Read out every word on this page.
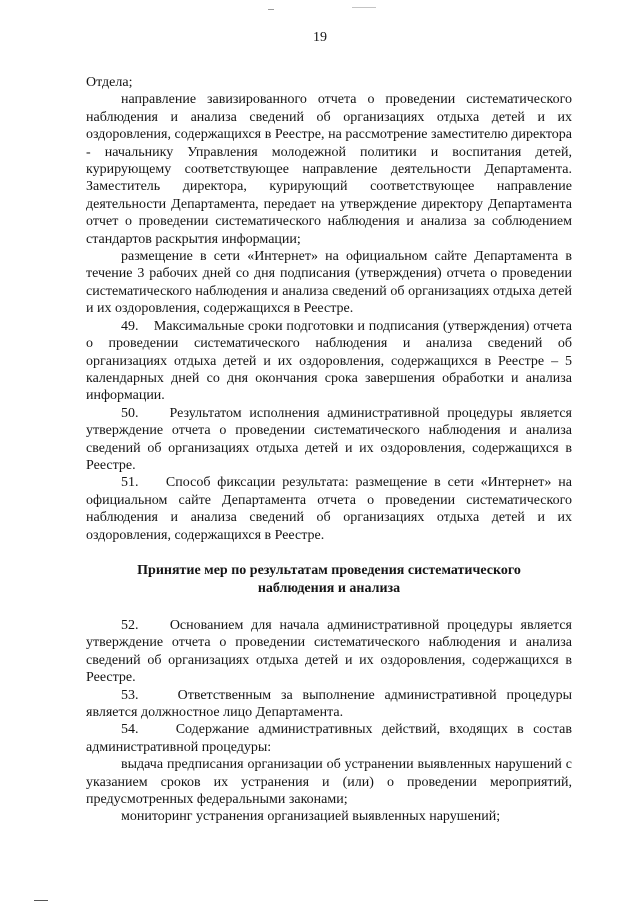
19

Отдела;

направление завизированного отчета о проведении систематического наблюдения и анализа сведений об организациях отдыха детей и их оздоровления, содержащихся в Реестре, на рассмотрение заместителю директора - начальнику Управления молодежной политики и воспитания детей, курирующему соответствующее направление деятельности Департамента. Заместитель директора, курирующий соответствующее направление деятельности Департамента, передает на утверждение директору Департамента отчет о проведении систематического наблюдения и анализа за соблюдением стандартов раскрытия информации;

размещение в сети «Интернет» на официальном сайте Департамента в течение 3 рабочих дней со дня подписания (утверждения) отчета о проведении систематического наблюдения и анализа сведений об организациях отдыха детей и их оздоровления, содержащихся в Реестре.

49.    Максимальные сроки подготовки и подписания (утверждения) отчета о проведении систематического наблюдения и анализа сведений об организациях отдыха детей и их оздоровления, содержащихся в Реестре – 5 календарных дней со дня окончания срока завершения обработки и анализа информации.

50.    Результатом исполнения административной процедуры является утверждение отчета о проведении систематического наблюдения и анализа сведений об организациях отдыха детей и их оздоровления, содержащихся в Реестре.

51.    Способ фиксации результата: размещение в сети «Интернет» на официальном сайте Департамента отчета о проведении систематического наблюдения и анализа сведений об организациях отдыха детей и их оздоровления, содержащихся в Реестре.

Принятие мер по результатам проведения систематического
наблюдения и анализа

52.    Основанием для начала административной процедуры является утверждение отчета о проведении систематического наблюдения и анализа сведений об организациях отдыха детей и их оздоровления, содержащихся в Реестре.

53.    Ответственным за выполнение административной процедуры является должностное лицо Департамента.

54.    Содержание административных действий, входящих в состав административной процедуры:

выдача предписания организации об устранении выявленных нарушений с указанием сроков их устранения и (или) о проведении мероприятий, предусмотренных федеральными законами;

мониторинг устранения организацией выявленных нарушений;
